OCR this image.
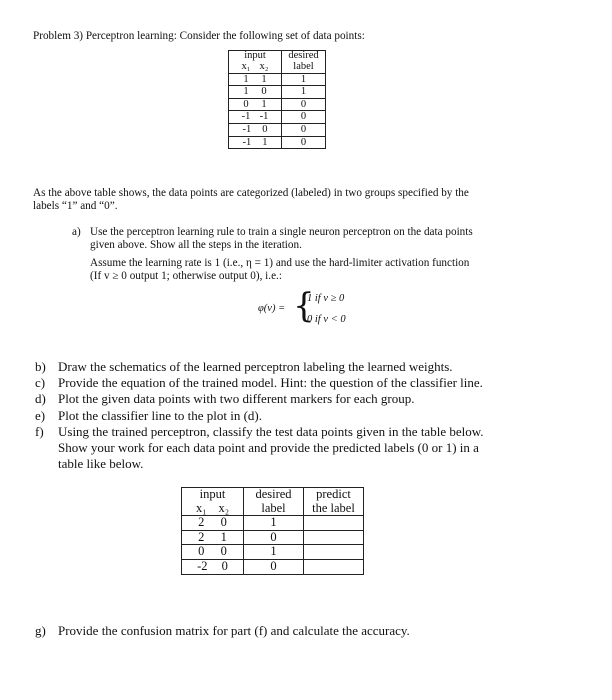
Problem 3) Perceptron learning: Consider the following set of data points:
input	desired

x₁ x₂	label

1 1	1

1 0	1

0 1	0

-1 -1	0

-1 0	0

-1 1	0
As the above table shows, the data points are categorized (labeled) in two groups specified by the
labels “1” and “0”.
a) Use the perceptron learning rule to train a single neuron perceptron on the data points
given above. Show all the steps in the iteration.
Assume the learning rate is 1 (i.e., η = 1) and use the hard-limiter activation function
(If v ≥ 0 output 1; otherwise output 0), i.e.:
φ(v) = {
1 if v ≥ 0
0 if v < 0
b) Draw the schematics of the learned perceptron labeling the learned weights.
c) Provide the equation of the trained model. Hint: the question of the classifier line.
d) Plot the given data points with two different markers for each group.
e) Plot the classifier line to the plot in (d).
f) Using the trained perceptron, classify the test data points given in the table below.
Show your work for each data point and provide the predicted labels (0 or 1) in a
table like below.
input	desired	predict

x₁ x₂	label	the label

2 0	1	

2 1	0	

0 0	1	

-2 0	0	
g) Provide the confusion matrix for part (f) and calculate the accuracy.
